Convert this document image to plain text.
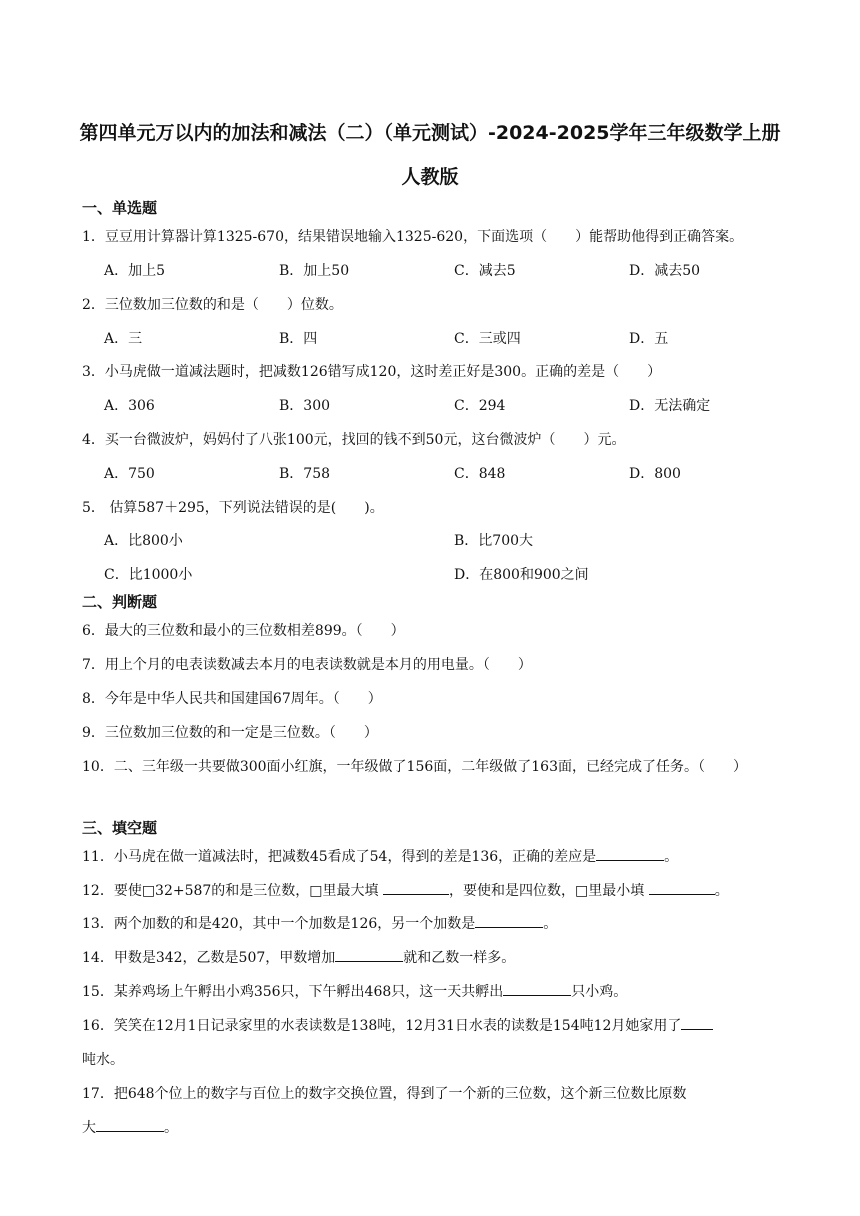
第四单元万以内的加法和减法（二）（单元测试）-2024-2025学年三年级数学上册
人教版
一、单选题
1．豆豆用计算器计算1325-670，结果错误地输入1325-620，下面选项（　　）能帮助他得到正确答案。
A．加上5	B．加上50	C．减去5	D．减去50
2．三位数加三位数的和是（　　）位数。
A．三	B．四	C．三或四	D．五
3．小马虎做一道减法题时，把减数126错写成120，这时差正好是300。正确的差是（　　）
A．306	B．300	C．294	D．无法确定
4．买一台微波炉，妈妈付了八张100元，找回的钱不到50元，这台微波炉（　　）元。
A．750	B．758	C．848	D．800
5． 估算587＋295，下列说法错误的是(　　)。
A．比800小	B．比700大
C．比1000小	D．在800和900之间
二、判断题
6．最大的三位数和最小的三位数相差899。（　　）
7．用上个月的电表读数减去本月的电表读数就是本月的用电量。（　　）
8．今年是中华人民共和国建国67周年。（　　）
9．三位数加三位数的和一定是三位数。（　　）
10．二、三年级一共要做300面小红旗，一年级做了156面，二年级做了163面，已经完成了任务。（　　）
三、填空题
11．小马虎在做一道减法时，把减数45看成了54，得到的差是136，正确的差应是	。
12．要使□32+587的和是三位数，□里最大填	，要使和是四位数，□里最小填	。
13．两个加数的和是420，其中一个加数是126，另一个加数是	。
14．甲数是342，乙数是507，甲数增加	就和乙数一样多。
15．某养鸡场上午孵出小鸡356只，下午孵出468只，这一天共孵出	只小鸡。
16．笑笑在12月1日记录家里的水表读数是138吨，12月31日水表的读数是154吨12月她家用了
吨水。
17．把648个位上的数字与百位上的数字交换位置，得到了一个新的三位数，这个新三位数比原数
大	。
